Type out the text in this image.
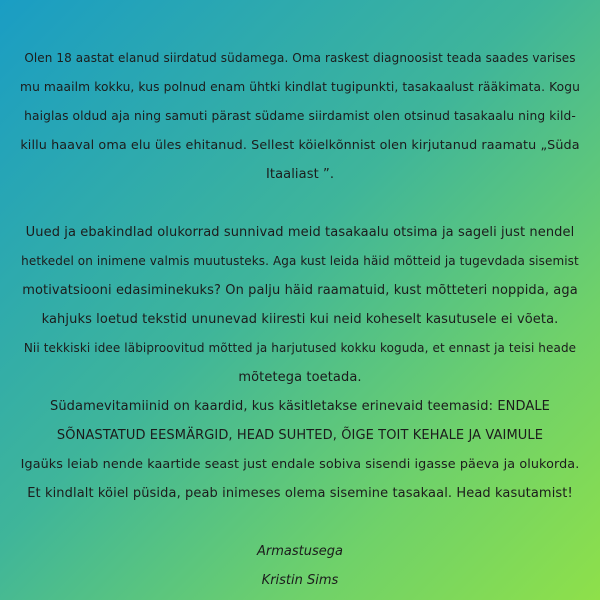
Olen 18 aastat elanud siirdatud südamega. Oma raskest diagnoosist teada saades varises
mu maailm kokku, kus polnud enam ühtki kindlat tugipunkti, tasakaalust rääkimata. Kogu
haiglas oldud aja ning samuti pärast südame siirdamist olen otsinud tasakaalu ning kild-
killu haaval oma elu üles ehitanud. Sellest köielkõnnist olen kirjutanud raamatu „Süda
Itaaliast ”.
Uued ja ebakindlad olukorrad sunnivad meid tasakaalu otsima ja sageli just nendel
hetkedel on inimene valmis muutusteks. Aga kust leida häid mõtteid ja tugevdada sisemist
motivatsiooni edasiminekuks? On palju häid raamatuid, kust mõtteteri noppida, aga
kahjuks loetud tekstid ununevad kiiresti kui neid koheselt kasutusele ei võeta.
Nii tekkiski idee läbiproovitud mõtted ja harjutused kokku koguda, et ennast ja teisi heade
mõtetega toetada.
Südamevitamiinid on kaardid, kus käsitletakse erinevaid teemasid: ENDALE
SÕNASTATUD EESMÄRGID, HEAD SUHTED, ÕIGE TOIT KEHALE JA VAIMULE
Igaüks leiab nende kaartide seast just endale sobiva sisendi igasse päeva ja olukorda.
Et kindlalt köiel püsida, peab inimeses olema sisemine tasakaal. Head kasutamist!
Armastusega
Kristin Sims
